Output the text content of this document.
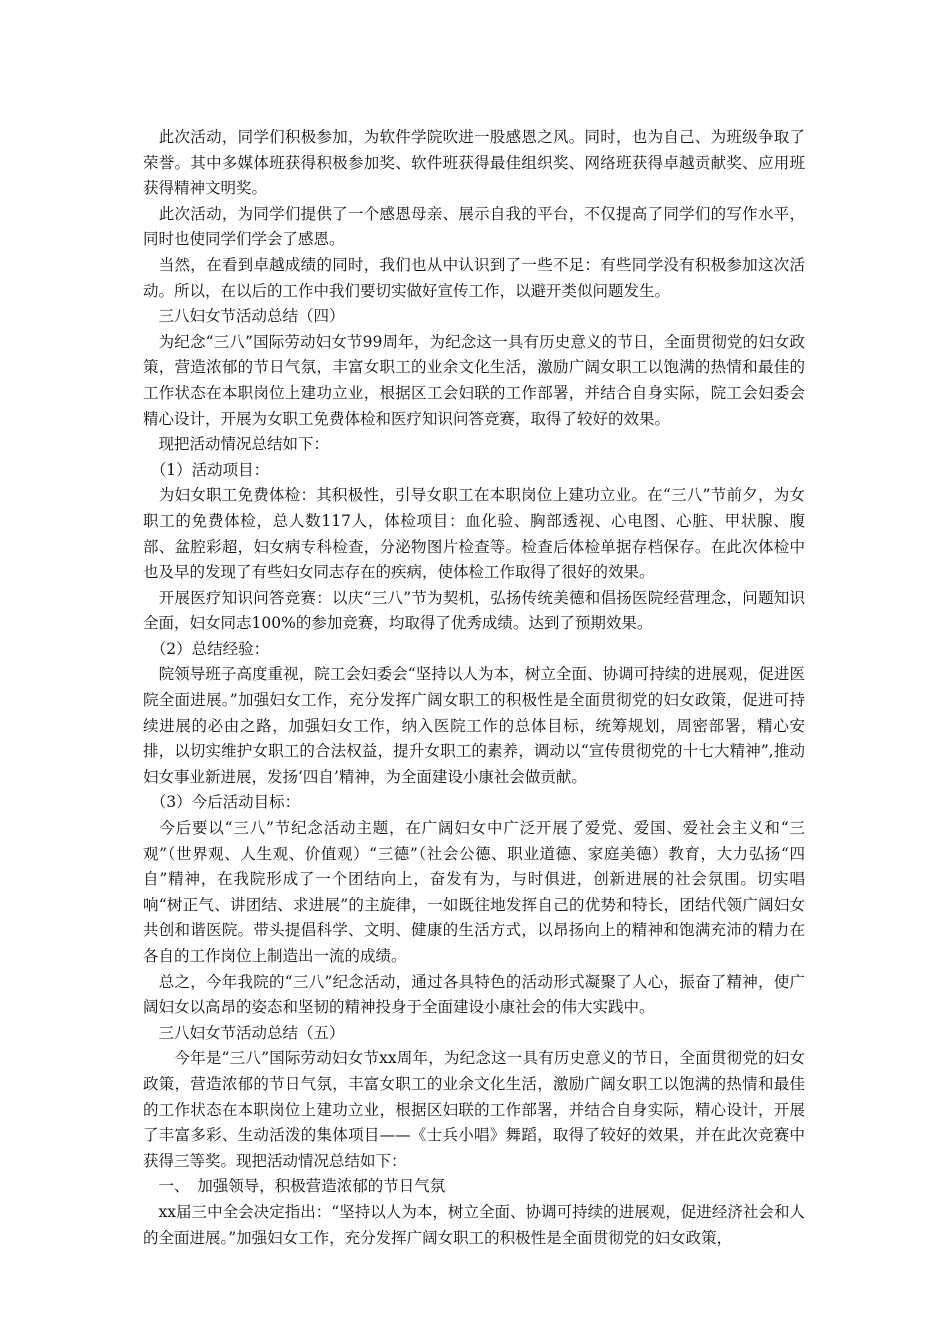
　此次活动，同学们积极参加，为软件学院吹进一股感恩之风。同时，也为自己、为班级争取了荣誉。其中多媒体班获得积极参加奖、软件班获得最佳组织奖、网络班获得卓越贡献奖、应用班获得精神文明奖。

　此次活动，为同学们提供了一个感恩母亲、展示自我的平台，不仅提高了同学们的写作水平，同时也使同学们学会了感恩。

　当然，在看到卓越成绩的同时，我们也从中认识到了一些不足：有些同学没有积极参加这次活动。所以，在以后的工作中我们要切实做好宣传工作，以避开类似问题发生。

　三八妇女节活动总结（四）

　为纪念“三八”国际劳动妇女节99周年，为纪念这一具有历史意义的节日，全面贯彻党的妇女政策，营造浓郁的节日气氛，丰富女职工的业余文化生活，激励广阔女职工以饱满的热情和最佳的工作状态在本职岗位上建功立业，根据区工会妇联的工作部署，并结合自身实际，院工会妇委会精心设计，开展为女职工免费体检和医疗知识问答竞赛，取得了较好的效果。

　现把活动情况总结如下：

　（1）活动项目：

　为妇女职工免费体检：其积极性，引导女职工在本职岗位上建功立业。在“三八”节前夕，为女职工的免费体检，总人数117人，体检项目：血化验、胸部透视、心电图、心脏、甲状腺、腹部、盆腔彩超，妇女病专科检查，分泌物图片检查等。检查后体检单据存档保存。在此次体检中也及早的发现了有些妇女同志存在的疾病，使体检工作取得了很好的效果。

　开展医疗知识问答竞赛：以庆“三八”节为契机，弘扬传统美德和倡扬医院经营理念，问题知识全面，妇女同志100%的参加竞赛，均取得了优秀成绩。达到了预期效果。

　（2）总结经验：

　院领导班子高度重视，院工会妇委会“坚持以人为本，树立全面、协调可持续的进展观，促进医院全面进展。”加强妇女工作，充分发挥广阔女职工的积极性是全面贯彻党的妇女政策，促进可持续进展的必由之路，加强妇女工作，纳入医院工作的总体目标，统筹规划，周密部署，精心安排，以切实维护女职工的合法权益，提升女职工的素养，调动以“宣传贯彻党的十七大精神”,推动妇女事业新进展，发扬‘四自’精神，为全面建设小康社会做贡献。

　（3）今后活动目标：

　今后要以“三八”节纪念活动主题，在广阔妇女中广泛开展了爱党、爱国、爱社会主义和“三观”（世界观、人生观、价值观）“三德”（社会公德、职业道德、家庭美德）教育，大力弘扬“四自”精神，在我院形成了一个团结向上，奋发有为，与时俱进，创新进展的社会氛围。切实唱响“树正气、讲团结、求进展”的主旋律，一如既往地发挥自己的优势和特长，团结代领广阔妇女共创和谐医院。带头提倡科学、文明、健康的生活方式，以昂扬向上的精神和饱满充沛的精力在各自的工作岗位上制造出一流的成绩。

　总之，今年我院的“三八”纪念活动，通过各具特色的活动形式凝聚了人心，振奋了精神，使广阔妇女以高昂的姿态和坚韧的精神投身于全面建设小康社会的伟大实践中。

　三八妇女节活动总结（五）

　　今年是“三八”国际劳动妇女节xx周年，为纪念这一具有历史意义的节日，全面贯彻党的妇女政策，营造浓郁的节日气氛，丰富女职工的业余文化生活，激励广阔女职工以饱满的热情和最佳的工作状态在本职岗位上建功立业，根据区妇联的工作部署，并结合自身实际，精心设计，开展了丰富多彩、生动活泼的集体项目——《士兵小唱》舞蹈，取得了较好的效果，并在此次竞赛中获得三等奖。现把活动情况总结如下：

　一、　加强领导，积极营造浓郁的节日气氛

　xx届三中全会决定指出：“坚持以人为本，树立全面、协调可持续的进展观，促进经济社会和人的全面进展。”加强妇女工作，充分发挥广阔女职工的积极性是全面贯彻党的妇女政策，
